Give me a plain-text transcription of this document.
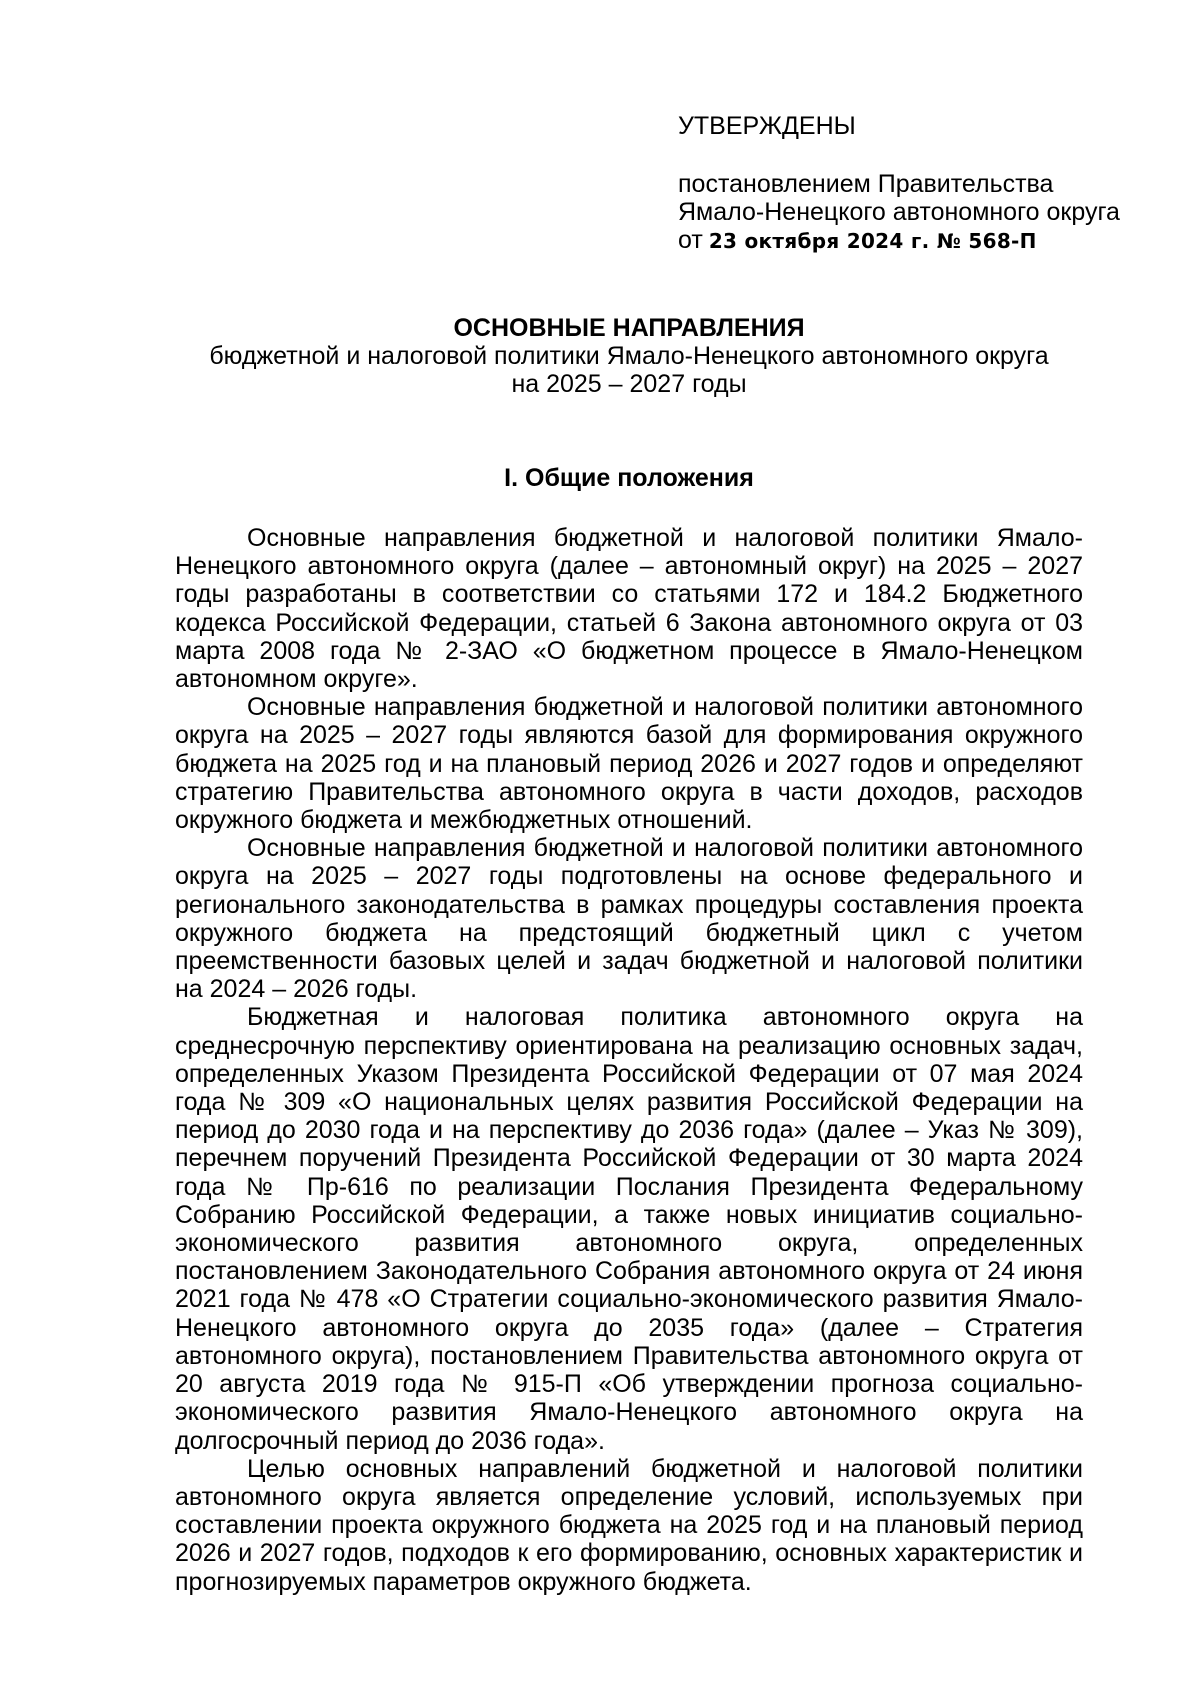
УТВЕРЖДЕНЫ
постановлением Правительства
Ямало-Ненецкого автономного округа
от 23 октября 2024 г. № 568-П
ОСНОВНЫЕ НАПРАВЛЕНИЯ
бюджетной и налоговой политики Ямало-Ненецкого автономного округа
на 2025 – 2027 годы
I. Общие положения

Основные направления бюджетной и налоговой политики Ямало-Ненецкого автономного округа (далее – автономный округ) на 2025 – 2027 годы разработаны в соответствии со статьями 172 и 184.2 Бюджетного кодекса Российской Федерации, статьей 6 Закона автономного округа от 03 марта 2008 года № 2-ЗАО «О бюджетном процессе в Ямало-Ненецком автономном округе».

Основные направления бюджетной и налоговой политики автономного округа на 2025 – 2027 годы являются базой для формирования окружного бюджета на 2025 год и на плановый период 2026 и 2027 годов и определяют стратегию Правительства автономного округа в части доходов, расходов окружного бюджета и межбюджетных отношений.

Основные направления бюджетной и налоговой политики автономного округа на 2025 – 2027 годы подготовлены на основе федерального и регионального законодательства в рамках процедуры составления проекта окружного бюджета на предстоящий бюджетный цикл с учетом преемственности базовых целей и задач бюджетной и налоговой политики на 2024 – 2026 годы.

Бюджетная и налоговая политика автономного округа на среднесрочную перспективу ориентирована на реализацию основных задач, определенных Указом Президента Российской Федерации от 07 мая 2024 года № 309 «О национальных целях развития Российской Федерации на период до 2030 года и на перспективу до 2036 года» (далее – Указ № 309), перечнем поручений Президента Российской Федерации от 30 марта 2024 года № Пр-616 по реализации Послания Президента Федеральному Собранию Российской Федерации, а также новых инициатив социально-экономического развития автономного округа, определенных постановлением Законодательного Собрания автономного округа от 24 июня 2021 года № 478 «О Стратегии социально-экономического развития Ямало-Ненецкого автономного округа до 2035 года» (далее – Стратегия автономного округа), постановлением Правительства автономного округа от 20 августа 2019 года № 915-П «Об утверждении прогноза социально-экономического развития Ямало-Ненецкого автономного округа на долгосрочный период до 2036 года».

Целью основных направлений бюджетной и налоговой политики автономного округа является определение условий, используемых при составлении проекта окружного бюджета на 2025 год и на плановый период 2026 и 2027 годов, подходов к его формированию, основных характеристик и прогнозируемых параметров окружного бюджета.
